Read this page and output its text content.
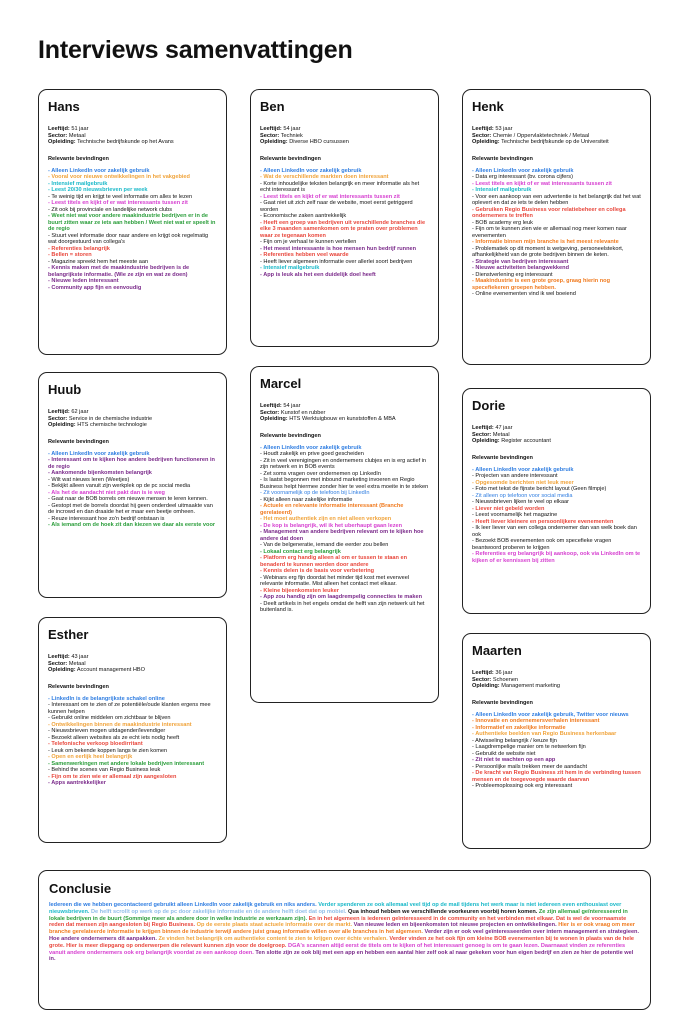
Interviews samenvattingen
Hans
Leeftijd: 51 jaar
Sector: Metaal
Opleiding: Technische bedrijfskunde op het Avans
Relevante bevindingen
- Alleen LinkedIn voor zakelijk gebruik
- Vooral voor nieuwe ontwikkelingen in het vakgebied
- Intensief mailgebruik
- Leest 20/30 nieuwsbrieven per week
- Te weinig tijd en krijgt te veel informatie om alles te lezen
- Leest titels en kijkt of er wat interessants tussen zit
- Zit ook bij provinciale en landelijke network clubs
- Weet niet wat voor andere maakindustrie bedrijven er in de buurt zitten waar ze iets aan hebben / Weet niet wat er speelt in de regio
- Stuurt veel informatie door naar andere en krijgt ook regelmatig wat doorgestuurd van collega's
- Referenties belangrijk
- Bellen = storen
- Magazine spreekt hem het meeste aan
- Kennis maken met de maakindustrie bedrijven is de belangrijkste informatie. (Wie ze zijn en wat ze doen)
- Nieuwe leden interessant
- Community app fijn en eenvoudig
Ben
Leeftijd: 54 jaar
Sector: Techniek
Opleiding: Diverse HBO cursussen
Relevante bevindingen
- Alleen LinkedIn voor zakelijk gebruik
- Wat de verschillende markten doen interessant
- Korte inhoudelijke teksten belangrijk en meer informatie als het echt interessant is
- Leest titels en kijkt of er wat interessants tussen zit
- Gaat niet uit zich zelf naar de website, moet eerst getriggerd worden
- Economische zaken aantrekkelijk
- Heeft een groep van bedrijven uit verschillende branches die elke 3 maanden samenkomen om te praten over problemen waar ze tegenaan komen
- Fijn om je verhaal te kunnen vertellen
- Het meest interessante is hoe mensen hun bedrijf runnen
- Referenties hebben veel waarde
- Heeft liever algemeen informatie over allerlei soort bedrijven
- Intensief mailgebruik
- App is leuk als het een duidelijk doel heeft
Henk
Leeftijd: 53 jaar
Sector: Chemie / Oppervlaktetechniek / Metaal
Opleiding: Technische bedrijfskunde op de Universiteit
Relevante bevindingen
- Alleen LinkedIn voor zakelijk gebruik
- Data erg interessant (bv. corona cijfers)
- Leest titels en kijkt of er wat interessants tussen zit
- Intensief mailgebruik
- Voor een aankoop van een advertentie is het belangrijk dat het wat oplevert en dat ze iets te delen hebben
- Gebruiken Regio Business voor relatiebeheer en collega ondernemers te treffen
- BOB academy erg leuk
- Fijn om te kunnen zien wie er allemaal nog meer komen naar evenementen
- Informatie binnen mijn branche is het meest relevante
- Problematiek op dit moment is wetgeving, personeelstekort, afhankelijkheid van de grote bedrijven binnen de keten.
- Strategie van bedrijven interessant
- Nieuwe activiteiten belangwekkend
- Dienstverlening erg interessant
- Maakindustrie is een grote groep, graag hierin nog specefiekeren groepen hebben.
- Online evenementen vind ik wel boeiend
Huub
Leeftijd: 62 jaar
Sector: Service in de chemische industrie
Opleiding: HTS chemische technologie
Relevante bevindingen
- Alleen LinkedIn voor zakelijk gebruik
- Interessant om te kijken hoe andere bedrijven functioneren in de regio
- Aankomende bijenkomsten belangrijk
- Wilt wat nieuws leren (Weetjes)
- Bekijkt alleen vanuit zijn werkplek op de pc social media
- Als het de aandacht niet pakt dan is ie weg
- Gaat naar de BOB borrels om nieuwe mensen te leren kennen.
- Gestopt met de borrels doordat hij geen onderdeel uitmaakte van de incrowd en dan draaide het er maar een beetje omheen.
- Reuze interessant hoe zo'n bedrijf ontstaan is
- Als iemand om de hoek zit dan kiezen we daar als eerste voor
Marcel
Leeftijd: 54 jaar
Sector: Kunstof en rubber
Opleiding: HTS Werktuigbouw en kunststoffen & MBA
Relevante bevindingen
- Alleen LinkedIn voor zakelijk gebruik
- Houdt zakelijk en prive goed gescheiden
- Zit in veel verenigingen en ondernemers clubjes en is erg actief in zijn netwerk en in BOB events
- Zet soms vragen over ondernemen op LinkedIn
- Is laatst begonnen met inbound marketing invoeren en Regio Business helpt hiermee zonder hier te veel extra moeite in te steken
- Zit voornamelijk op de telefoon bij LinkedIn
- Kijkt alleen naar zakelijke informatie
- Actuele en relevante informatie interessant (Branche gerelateerd)
- Het moet authentiek zijn en niet alleen verkopen
- De kop is belangrijk, wil ik het uberhaupt gaan lezen
- Management van andere bedrijven relevant om te kijken hoe andere dat doen
- Van de belgeneratie, iemand die eerder zou bellen
- Lokaal contact erg belangrijk
- Platform erg handig alleen al om er tussen te staan en benaderd te kunnen worden door andere
- Kennis delen is de basis voor verbetering
- Webinars erg fijn doordat het minder tijd kost met evenveel relevante informatie. Mist alleen het contact met elkaar.
- Kleine bijeenkomsten leuker
- App zou handig zijn om laagdrempelig connecties te maken
- Deelt artikels in het engels omdat de helft van zijn netwerk uit het buitenland is.
Dorie
Leeftijd: 47 jaar
Sector: Metaal
Opleiding: Register accountant
Relevante bevindingen
- Alleen LinkedIn voor zakelijk gebruik
- Projecten van andere interessant
- Opgesomde berichten niet leuk meer
- Foto met tekst de fijnste bericht layout (Geen filmpje)
- Zit alleen op telefoon voor social media
- Nieuwsbrieven lijken te veel op elkaar
- Liever niet gebeld worden
- Leest voornamelijk het magazine
- Heeft liever kleinere en persoonlijkere evenementen
- Ik leer liever van een collega ondernemer dan van welk boek dan ook
- Bezoekt BOB evenementen ook om specefieke vragen beantwoord proberen te krijgen
- Referenties erg belangrijk bij aankoop, ook via LinkedIn om te kijken of er kennissen bij zitten
Esther
Leeftijd: 43 jaar
Sector: Metaal
Opleiding: Account management HBO
Relevante bevindingen
- LinkedIn is de belangrijkste schakel online
- Interessant om te zien of ze potentiële/oude klanten ergens mee kunnen helpen
- Gebruikt online middelen om zichtbaar te blijven
- Ontwikkelingen binnen de maakindustrie interessant
- Nieuwsbrieven mogen uitdagender/levendiger
- Bezoekt alleen websites als ze echt iets nodig heeft
- Telefonische verkoop bloedirritant
- Leuk om bekende koppen langs te zien komen
- Open en eerlijk heel belangrijk
- Samenwerkingen met andere lokale bedrijven interessant
- Behind the scenes van Regio Business leuk
- Fijn om te zien wie er allemaal zijn aangesloten
- Apps aantrekkelijker
Maarten
Leeftijd: 36 jaar
Sector: Schoenen
Opleiding: Management marketing
Relevante bevindingen
- Alleen LinkedIn voor zakelijk gebruik, Twitter voor nieuws
- Innovatie en ondernemersverhalen interessant
- Informatief en zakelijke informatie
- Authentieke beelden van Regio Business herkenbaar
- Afwisseling belangrijk / keuze fijn
- Laagdrempelige manier om te netwerken fijn
- Gebruikt de website niet
- Zit niet te wachten op een app
- Persoonlijke mails trekken meer de aandacht
- De kracht van Regio Business zit hem in de verbinding tussen mensen en de toegevoegde waarde daarvan
- Probleemoplossing ook erg interessant
Conclusie

Iedereen die we hebben gecontacteerd gebruikt alleen LinkedIn voor zakelijk gebruik en niks anders. Verder spenderen ze ook allemaal veel tijd op de mail tijdens het werk maar is niet iedereen even enthousiast over nieuwsbrieven. De helft scrollt op werk op de pc door zakelijke informatie en de andere helft doet dat op mobiel. Qua inhoud hebben we verschillende voorkeuren voorbij horen komen. Ze zijn allemaal geïnteresseerd in lokale bedrijven in de buurt (Sommige meer als andere door in welke industrie ze werkzaam zijn). En in het algemeen is iedereen geïnteresseerd in de community en het verbinden met elkaar. Dat is wel de voornaamste reden dat mensen zijn aangesloten bij Regio Business. Op de eerste plaats staat actuele informatie over de markt. Van nieuwe leden en bijeenkomsten tot nieuwe projecten en ontwikkelingen. Hier is er ook vraag om meer branche gerelateerde informatie te krijgen binnen de industrie terwijl andere juist graag informatie willen over alle branches in het algemeen. Verder zijn er ook veel geïnteresseerden over intern management en strategieen. Hoe andere ondernemers dit aanpakken. Ze vinden het belangrijk om authentieke content te zien te krijgen over échte verhalen. Verder vinden ze het ook fijn om kleine BOB evenementen bij te wonen in plaats van de hele grote. Hier is meer diepgang op onderwerpen die relevant kunnen zijn voor de doelgroep. DGA's scannen altijd eerst de titels om te kijken of het interessant genoeg is om te gaan lezen. Daarnaast vinden ze referenties vanuit andere ondernemers ook erg belangrijk voordat ze een aankoop doen. Ten slotte zijn ze ook blij met een app en hebben een aantal hier zelf ook al naar gekeken voor hun eigen bedrijf en zien ze hier de potentie wel in.
